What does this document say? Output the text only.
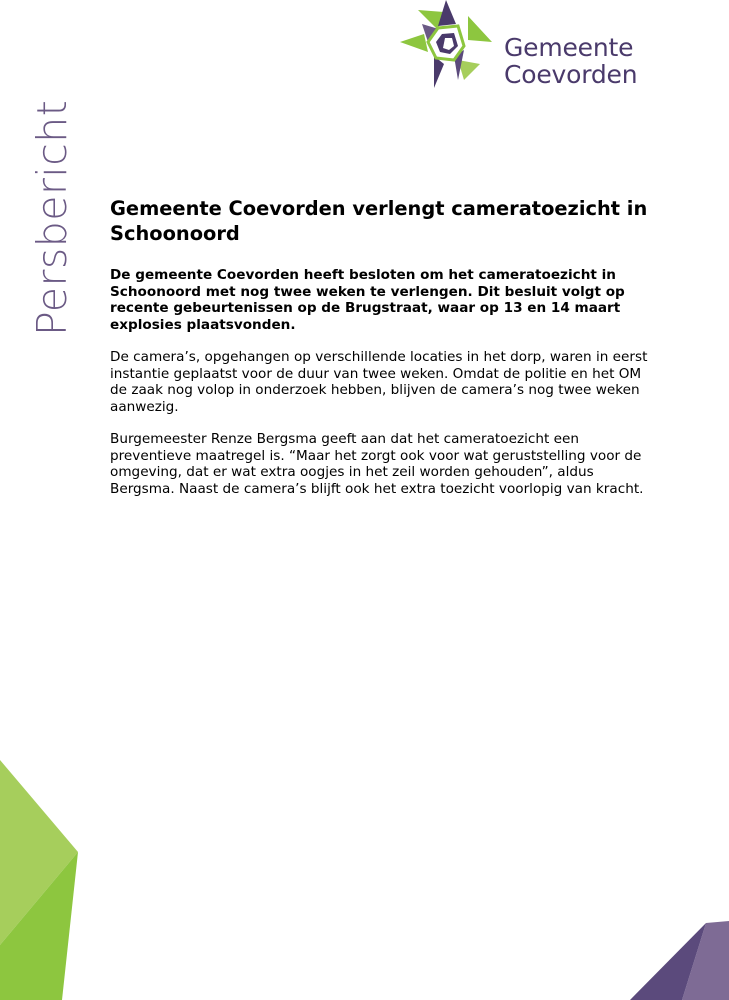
Gemeente
Coevorden
Persbericht Gemeente Coevorden verlengt cameratoezicht in Schoonoord

De gemeente Coevorden heeft besloten om het cameratoezicht in Schoonoord met nog twee weken te verlengen. Dit besluit volgt op recente gebeurtenissen op de Brugstraat, waar op 13 en 14 maart explosies plaatsvonden.

De camera’s, opgehangen op verschillende locaties in het dorp, waren in eerst instantie geplaatst voor de duur van twee weken. Omdat de politie en het OM de zaak nog volop in onderzoek hebben, blijven de camera’s nog twee weken aanwezig.

Burgemeester Renze Bergsma geeft aan dat het cameratoezicht een preventieve maatregel is. “Maar het zorgt ook voor wat geruststelling voor de omgeving, dat er wat extra oogjes in het zeil worden gehouden”, aldus Bergsma. Naast de camera’s blijft ook het extra toezicht voorlopig van kracht.
